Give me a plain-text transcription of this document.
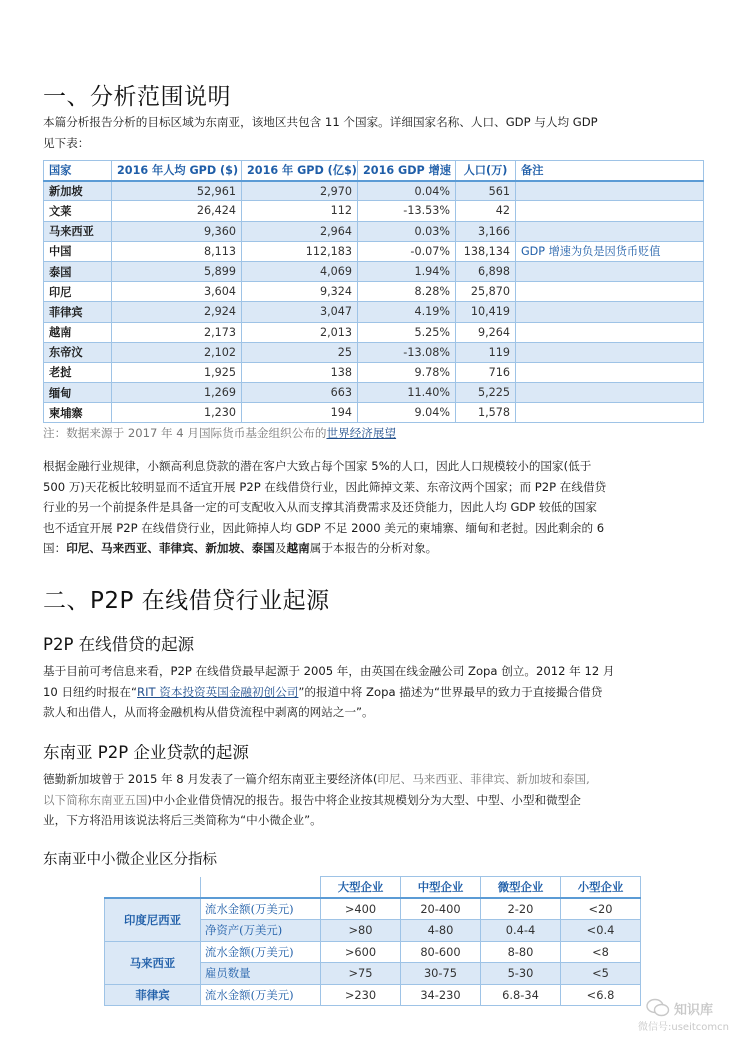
一、分析范围说明
本篇分析报告分析的目标区域为东南亚，该地区共包含 11 个国家。详细国家名称、人口、GDP 与人均 GDP
见下表：
国家	2016 年人均 GPD ($)	2016 年 GPD (亿$)	2016 GDP 增速	人口(万)	备注
新加坡	52,961	2,970	0.04%	561	
文莱	26,424	112	-13.53%	42	
马来西亚	9,360	2,964	0.03%	3,166	
中国	8,113	112,183	-0.07%	138,134	GDP 增速为负是因货币贬值
泰国	5,899	4,069	1.94%	6,898	
印尼	3,604	9,324	8.28%	25,870	
菲律宾	2,924	3,047	4.19%	10,419	
越南	2,173	2,013	5.25%	9,264	
东帝汶	2,102	25	-13.08%	119	
老挝	1,925	138	9.78%	716	
缅甸	1,269	663	11.40%	5,225	
柬埔寨	1,230	194	9.04%	1,578	
注：数据来源于 2017 年 4 月国际货币基金组织公布的世界经济展望
根据金融行业规律，小额高利息贷款的潜在客户大致占每个国家 5%的人口，因此人口规模较小的国家(低于
500 万)天花板比较明显而不适宜开展 P2P 在线借贷行业，因此筛掉文莱、东帝汶两个国家；而 P2P 在线借贷
行业的另一个前提条件是具备一定的可支配收入从而支撑其消费需求及还贷能力，因此人均 GDP 较低的国家
也不适宜开展 P2P 在线借贷行业，因此筛掉人均 GDP 不足 2000 美元的柬埔寨、缅甸和老挝。因此剩余的 6
国：印尼、马来西亚、菲律宾、新加坡、泰国及越南属于本报告的分析对象。
二、P2P 在线借贷行业起源
P2P 在线借贷的起源
基于目前可考信息来看，P2P 在线借贷最早起源于 2005 年，由英国在线金融公司 Zopa 创立。2012 年 12 月
10 日纽约时报在“RIT 资本投资英国金融初创公司”的报道中将 Zopa 描述为“世界最早的致力于直接撮合借贷
款人和出借人，从而将金融机构从借贷流程中剥离的网站之一”。
东南亚 P2P 企业贷款的起源
德勤新加坡曾于 2015 年 8 月发表了一篇介绍东南亚主要经济体(印尼、马来西亚、菲律宾、新加坡和泰国,
以下简称东南亚五国)中小企业借贷情况的报告。报告中将企业按其规模划分为大型、中型、小型和微型企
业，下方将沿用该说法将后三类简称为“中小微企业”。
东南亚中小微企业区分指标
		大型企业	中型企业	微型企业	小型企业
印度尼西亚	流水金额(万美元)	>400	20-400	2-20	<20
	净资产(万美元)	>80	4-80	0.4-4	<0.4
马来西亚	流水金额(万美元)	>600	80-600	8-80	<8
	雇员数量	>75	30-75	5-30	<5
菲律宾	流水金额(万美元)	>230	34-230	6.8-34	<6.8
知识库
微信号:useitcomcn
